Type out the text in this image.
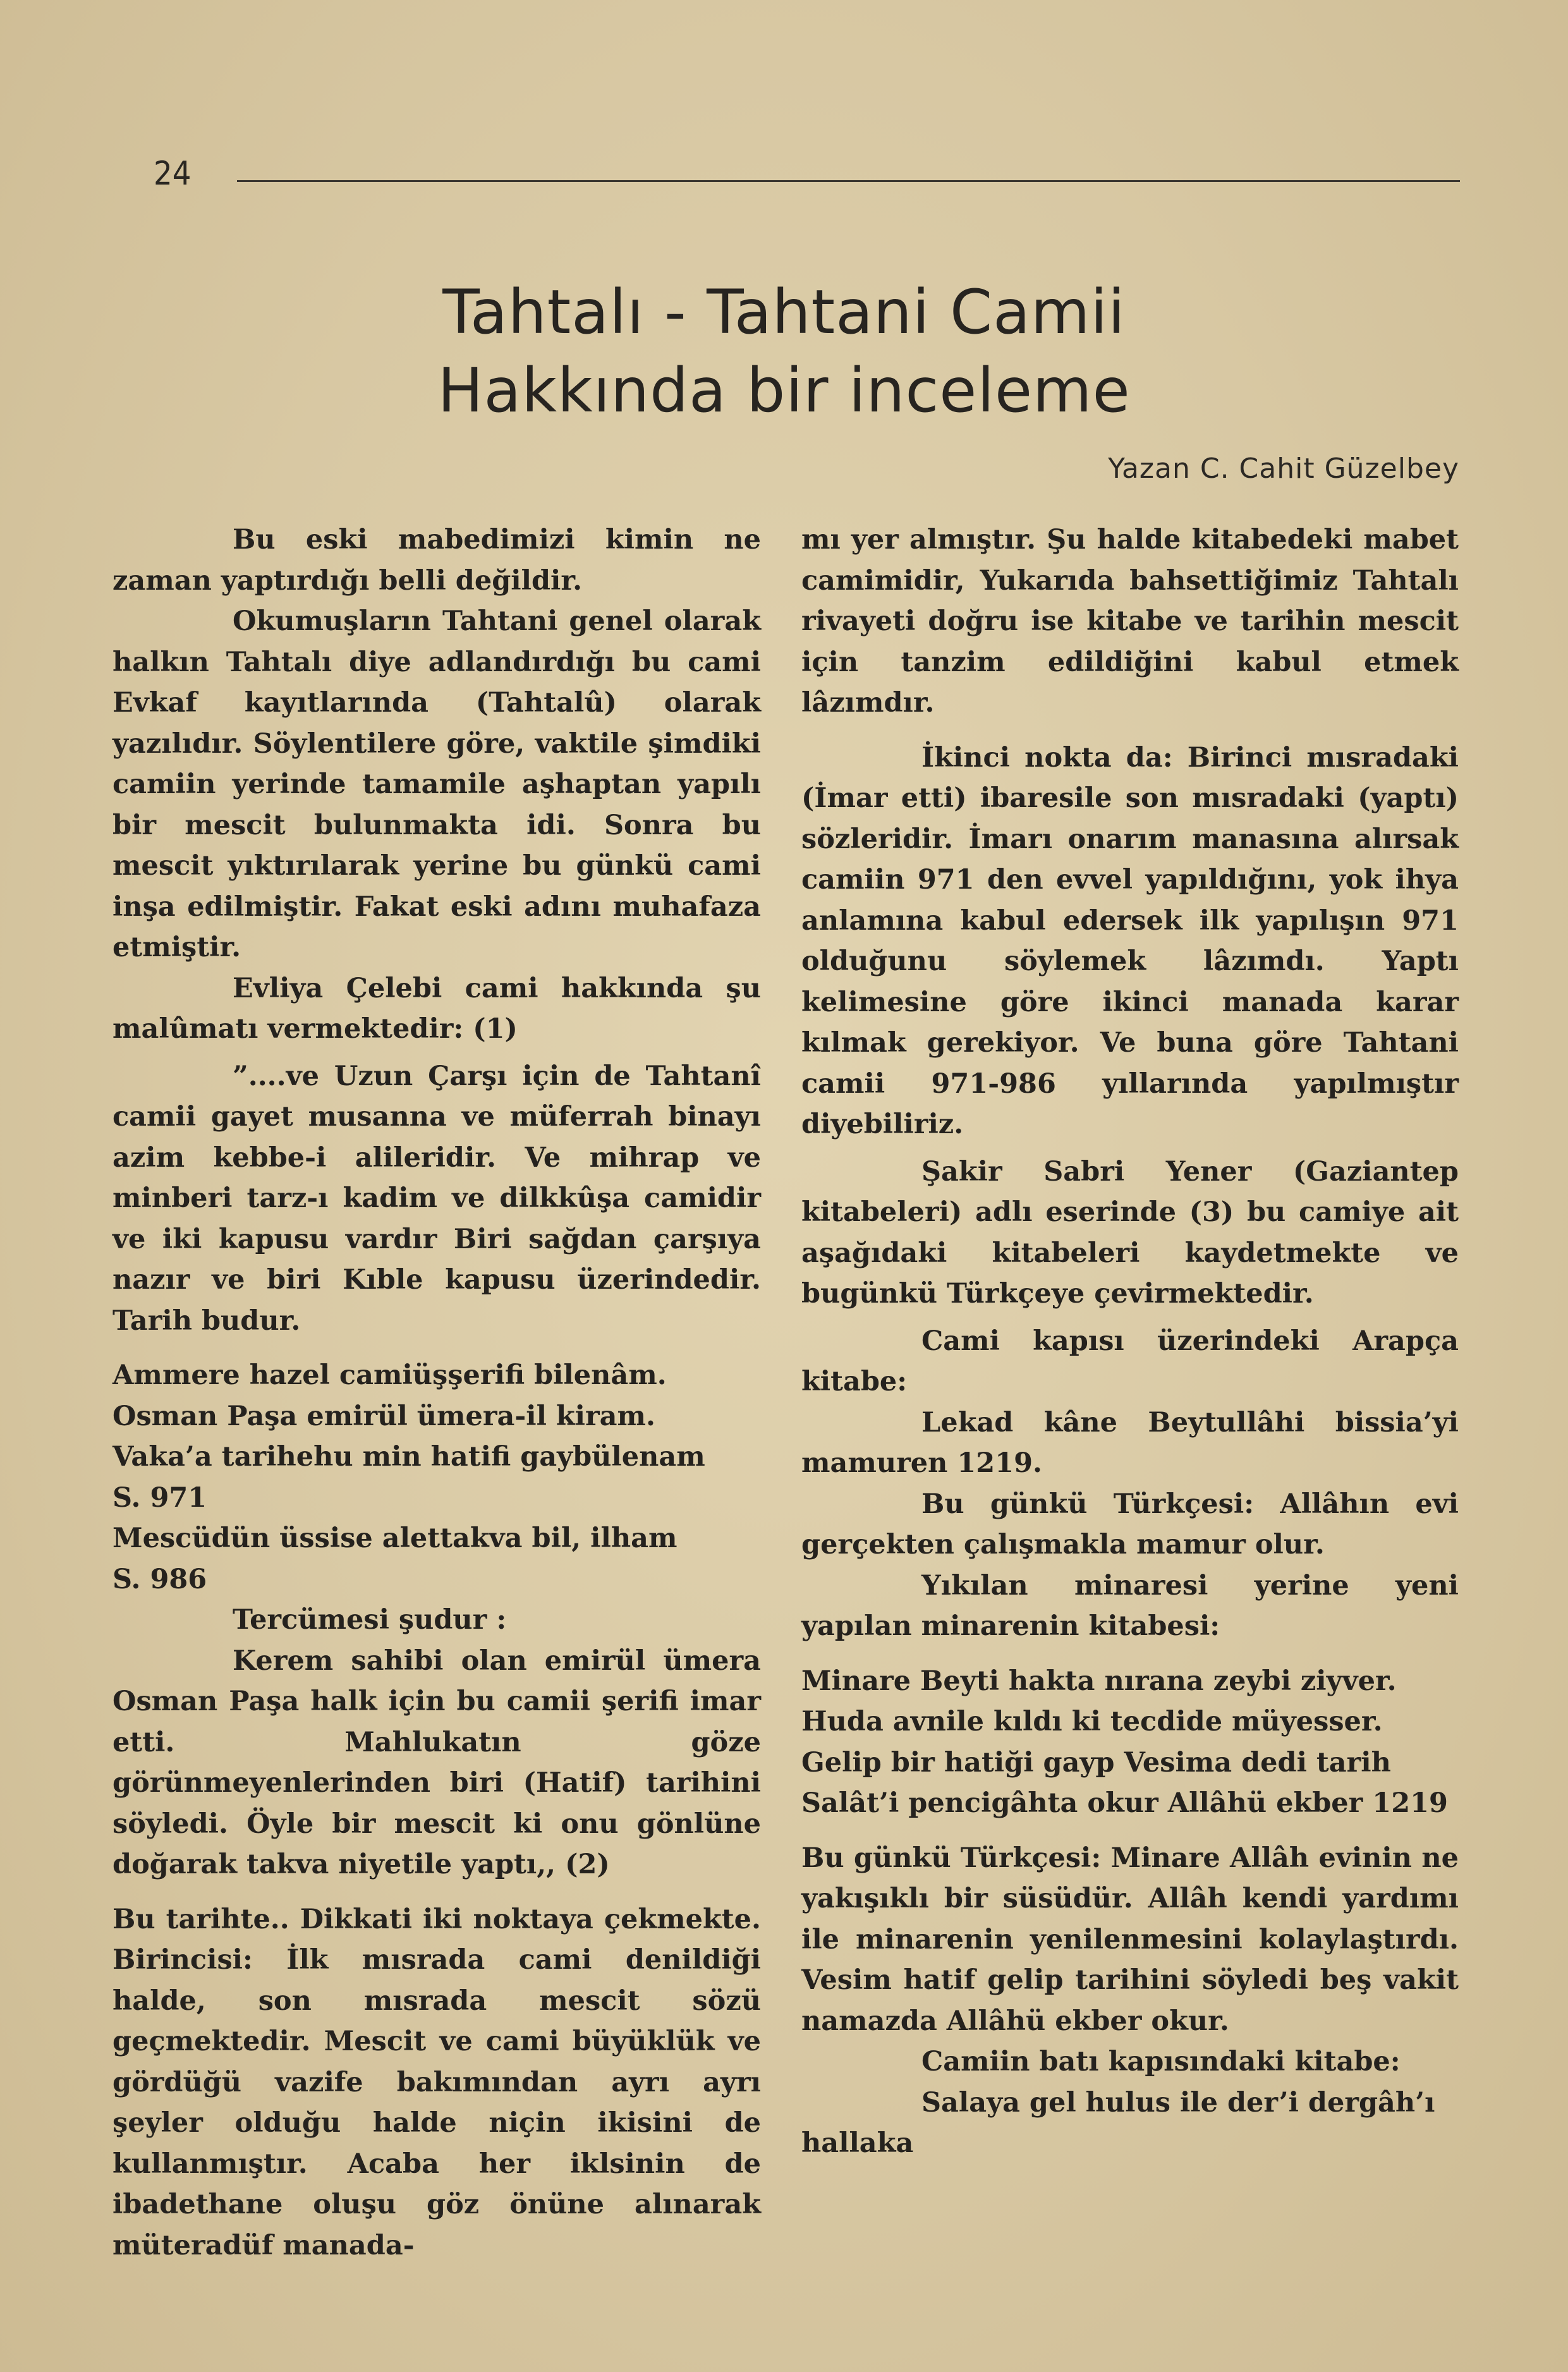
24
Tahtalı - Tahtani Camii
Hakkında bir inceleme
Yazan C. Cahit Güzelbey

Bu eski mabedimizi kimin ne zaman yaptırdığı belli değildir.

Okumuşların Tahtani genel olarak halkın Tahtalı diye adlandırdığı bu cami Evkaf kayıtlarında (Tahtalû) olarak yazılıdır. Söylentilere göre, vaktile şimdiki camiin yerinde tamamile aşhaptan yapılı bir mescit bulunmakta idi. Sonra bu mescit yıktırılarak yerine bu günkü cami inşa edilmiştir. Fakat eski adını muhafaza etmiştir.

Evliya Çelebi cami hakkında şu malûmatı vermektedir: (1)

”....ve Uzun Çarşı için de Tahtanî camii gayet musanna ve müferrah binayı azim kebbe-i alileridir. Ve mihrap ve minberi tarz-ı kadim ve dilkkûşa camidir ve iki kapusu vardır Biri sağdan çarşıya nazır ve biri Kıble kapusu üzerindedir. Tarih budur.

Ammere hazel camiüşşerifi bilenâm.

Osman Paşa emirül ümera-il kiram.

Vaka’a tarihehu min hatifi gaybülenam

S. 971

Mescüdün üssise alettakva bil, ilham

S. 986

Tercümesi şudur :

Kerem sahibi olan emirül ümera Osman Paşa halk için bu camii şerifi imar etti. Mahlukatın göze görünmeyenlerinden biri (Hatif) tarihini söyledi. Öyle bir mescit ki onu gönlüne doğarak takva niyetile yaptı,, (2)

Bu tarihte.. Dikkati iki noktaya çekmekte. Birincisi: İlk mısrada cami denildiği halde, son mısrada mescit sözü geçmektedir. Mescit ve cami büyüklük ve gördüğü vazife bakımından ayrı ayrı şeyler olduğu halde niçin ikisini de kullanmıştır. Acaba her iklsinin de ibadethane oluşu göz önüne alınarak müteradüf manada-

mı yer almıştır. Şu halde kitabedeki mabet camimidir, Yukarıda bahsettiğimiz Tahtalı rivayeti doğru ise kitabe ve tarihin mescit için tanzim edildiğini kabul etmek lâzımdır.

İkinci nokta da: Birinci mısradaki (İmar etti) ibaresile son mısradaki (yaptı) sözleridir. İmarı onarım manasına alırsak camiin 971 den evvel yapıldığını, yok ihya anlamına kabul edersek ilk yapılışın 971 olduğunu söylemek lâzımdı. Yaptı kelimesine göre ikinci manada karar kılmak gerekiyor. Ve buna göre Tahtani camii 971-986 yıllarında yapılmıştır diyebiliriz.

Şakir Sabri Yener (Gaziantep kitabeleri) adlı eserinde (3) bu camiye ait aşağıdaki kitabeleri kaydetmekte ve bugünkü Türkçeye çevirmektedir.

Cami kapısı üzerindeki Arapça kitabe:

Lekad kâne Beytullâhi bissia’yi mamuren 1219.

Bu günkü Türkçesi: Allâhın evi gerçekten çalışmakla mamur olur.

Yıkılan minaresi yerine yeni yapılan minarenin kitabesi:

Minare Beyti hakta nırana zeybi ziyver.

Huda avnile kıldı ki tecdide müyesser.

Gelip bir hatiği gayp Vesima dedi tarih

Salât’i pencigâhta okur Allâhü ekber 1219

Bu günkü Türkçesi: Minare Allâh evinin ne yakışıklı bir süsüdür. Allâh kendi yardımı ile minarenin yenilenmesini kolaylaştırdı. Vesim hatif gelip tarihini söyledi beş vakit namazda Allâhü ekber okur.

Camiin batı kapısındaki kitabe:

Salaya gel hulus ile der’i dergâh’ı

hallaka
